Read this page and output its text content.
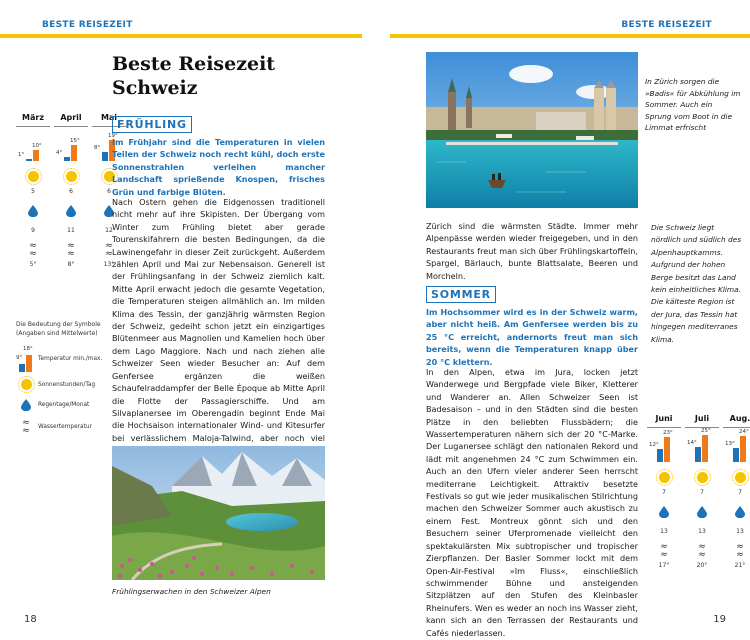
BESTE REISEZEIT	BESTE REISEZEIT
Beste Reisezeit
Schweiz
März
1°
10°
5
9
≈
≈
5°
April
4°
15°
6
11
≈
≈
8°
Mai
8°
19°
6
12
≈
≈
13°
Die Bedeutung der Symbole (Angaben sind Mittelwerte)
9°
18°
Temperatur min./max.
Sonnenstunden/Tag
Regentage/Monat
≈
≈ Wassertemperatur
FRÜHLING
Im Frühjahr sind die Temperaturen in vielen Teilen der Schweiz noch recht kühl, doch erste Sonnenstrahlen verleihen mancher Landschaft sprießende Knospen, frisches Grün und farbige Blüten.
Nach Ostern gehen die Eidgenossen traditionell nicht mehr auf ihre Skipisten. Der Übergang vom Winter zum Frühling bietet aber gerade Tourenskifahrern die besten Bedingungen, da die Lawinengefahr in dieser Zeit zurückgeht. Außerdem zählen April und Mai zur Nebensaison. Generell ist der Frühlingsanfang in der Schweiz ziemlich kalt. Mitte April erwacht jedoch die gesamte Vegetation, die Temperaturen steigen allmählich an. Im milden Klima des Tessin, der ganzjährig wärmsten Region der Schweiz, gedeiht schon jetzt ein einzigartiges Blütenmeer aus Magnolien und Kamelien hoch über dem Lago Maggiore. Nach und nach ziehen alle Schweizer Seen wieder Besucher an: Auf dem Genfersee ergänzen die weißen Schaufelraddampfer der Belle Époque ab Mitte April die Flotte der Passagierschiffe. Und am Silvaplanersee im Oberengadin beginnt Ende Mai die Hochsaison internationaler Wind- und Kitesurfer bei verlässlichem Maloja-Talwind, aber noch viel
Frühlingserwachen in den Schweizer Alpen
In Zürich sorgen die »Badis« für Abkühlung im Sommer. Auch ein Sprung vom Boot in die Limmat erfrischt
Zürich sind die wärmsten Städte. Immer mehr Alpenpässe werden wieder freigegeben, und in den Restaurants freut man sich über Frühlingskartoffeln, Spargel, Bärlauch, bunte Blattsalate, Beeren und Morcheln.
Die Schweiz liegt nördlich und südlich des Alpenhauptkamms. Aufgrund der hohen Berge besitzt das Land kein einheitliches Klima. Die kälteste Region ist der Jura, das Tessin hat hingegen mediterranes Klima.
SOMMER
Im Hochsommer wird es in der Schweiz warm, aber nicht heiß. Am Genfersee werden bis zu 25 °C erreicht, andernorts freut man sich bereits, wenn die Temperaturen knapp über 20 °C klettern.
In den Alpen, etwa im Jura, locken jetzt Wanderwege und Bergpfade viele Biker, Kletterer und Wanderer an. Allen Schweizer Seen ist Badesaison – und in den Städten sind die besten Plätze in den beliebten Flussbädern; die Wassertemperaturen nähern sich der 20 °C-Marke. Der Luganersee schlägt den nationalen Rekord und lädt mit angenehmen 24 °C zum Schwimmen ein. Auch an den Ufern vieler anderer Seen herrscht mediterrane Leichtigkeit. Attraktiv besetzte Festivals so gut wie jeder musikalischen Stilrichtung machen den Schweizer Sommer auch akustisch zu einem Fest. Montreux gönnt sich und den Besuchern seiner Uferpromenade vielleicht den spektakulärsten Mix subtropischer und tropischer Zierpflanzen. Der Basler Sommer lockt mit dem Open-Air-Festival »Im Fluss«, einschließlich schwimmender Bühne und ansteigenden Sitzplätzen auf den Stufen des Kleinbasler Rheinufers. Wen es weder an noch ins Wasser zieht, kann sich an den Terrassen der Restaurants und Cafés niederlassen.
Juni
12°
23°
7
13
≈
≈
17°
Juli
14°
25°
7
13
≈
≈
20°
Aug.
13°
24°
7
13
≈
≈
21°
18	19
